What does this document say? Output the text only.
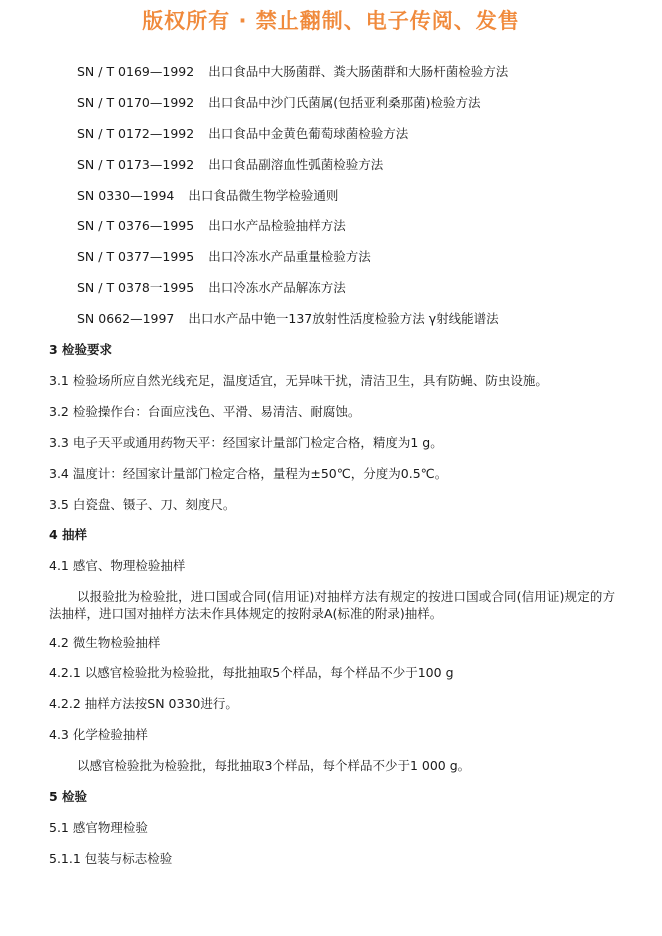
版权所有 · 禁止翻制、电子传阅、发售
SN / T 0169—1992 出口食品中大肠菌群、粪大肠菌群和大肠杆菌检验方法
SN / T 0170—1992 出口食品中沙门氏菌属(包括亚利桑那菌)检验方法
SN / T 0172—1992 出口食品中金黄色葡萄球菌检验方法
SN / T 0173—1992 出口食品副溶血性弧菌检验方法
SN 0330—1994 出口食品微生物学检验通则
SN / T 0376—1995 出口水产品检验抽样方法
SN / T 0377—1995 出口冷冻水产品重量检验方法
SN / T 0378一1995 出口冷冻水产品解冻方法
SN 0662—1997 出口水产品中铯一137放射性活度检验方法 γ射线能谱法
3 检验要求
3.1 检验场所应自然光线充足，温度适宜，无异味干扰，清洁卫生，具有防蝇、防虫设施。
3.2 检验操作台：台面应浅色、平滑、易清洁、耐腐蚀。
3.3 电子天平或通用药物天平：经国家计量部门检定合格，精度为1 g。
3.4 温度计：经国家计量部门检定合格，量程为±50℃，分度为0.5℃。
3.5 白瓷盘、镊子、刀、刻度尺。
4 抽样
4.1 感官、物理检验抽样
以报验批为检验批，进口国或合同(信用证)对抽样方法有规定的按进口国或合同(信用证)规定的方法抽样，进口国对抽样方法未作具体规定的按附录A(标准的附录)抽样。
4.2 微生物检验抽样
4.2.1 以感官检验批为检验批，每批抽取5个样品，每个样品不少于100 g
4.2.2 抽样方法按SN 0330进行。
4.3 化学检验抽样
以感官检验批为检验批，每批抽取3个样品，每个样品不少于1 000 g。
5 检验
5.1 感官物理检验
5.1.1 包装与标志检验
